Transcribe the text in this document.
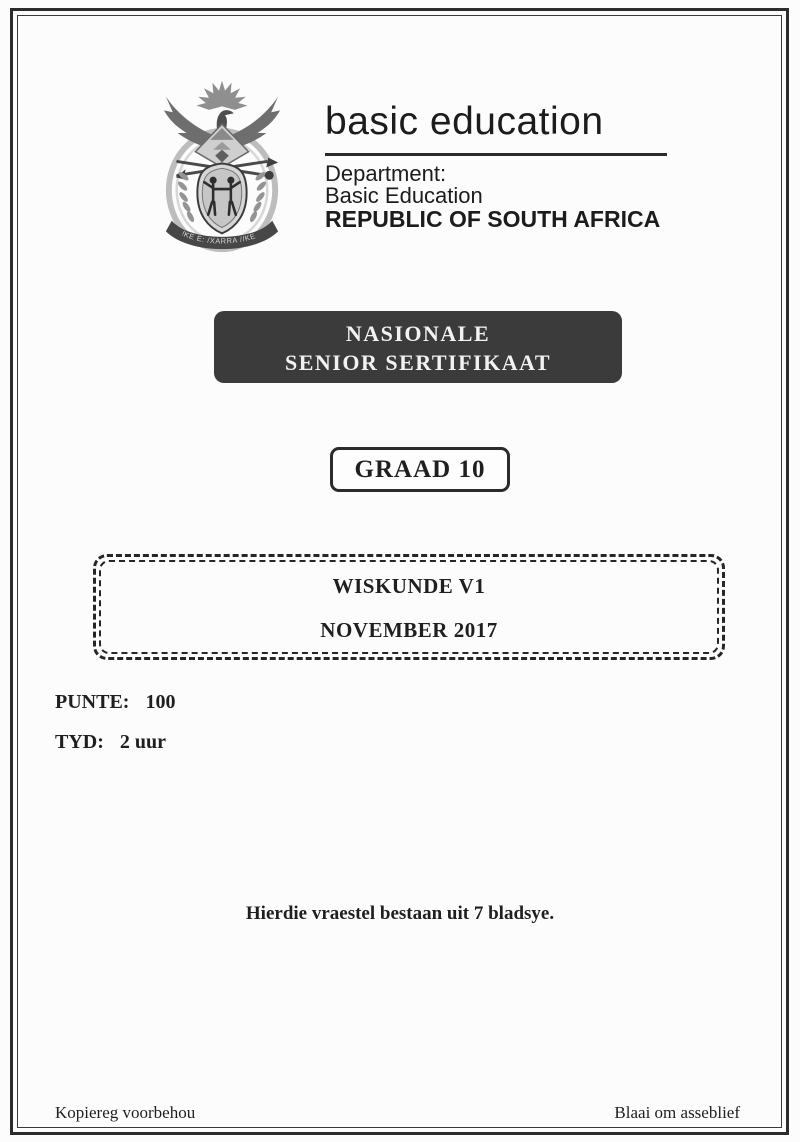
!KE E: /XARRA //KE
basic education
Department:
Basic Education
REPUBLIC OF SOUTH AFRICA
NASIONALE
SENIOR SERTIFIKAAT
GRAAD 10
WISKUNDE V1
NOVEMBER 2017
PUNTE: 100
TYD: 2 uur
Hierdie vraestel bestaan uit 7 bladsye.
Kopiereg voorbehou	Blaai om asseblief
